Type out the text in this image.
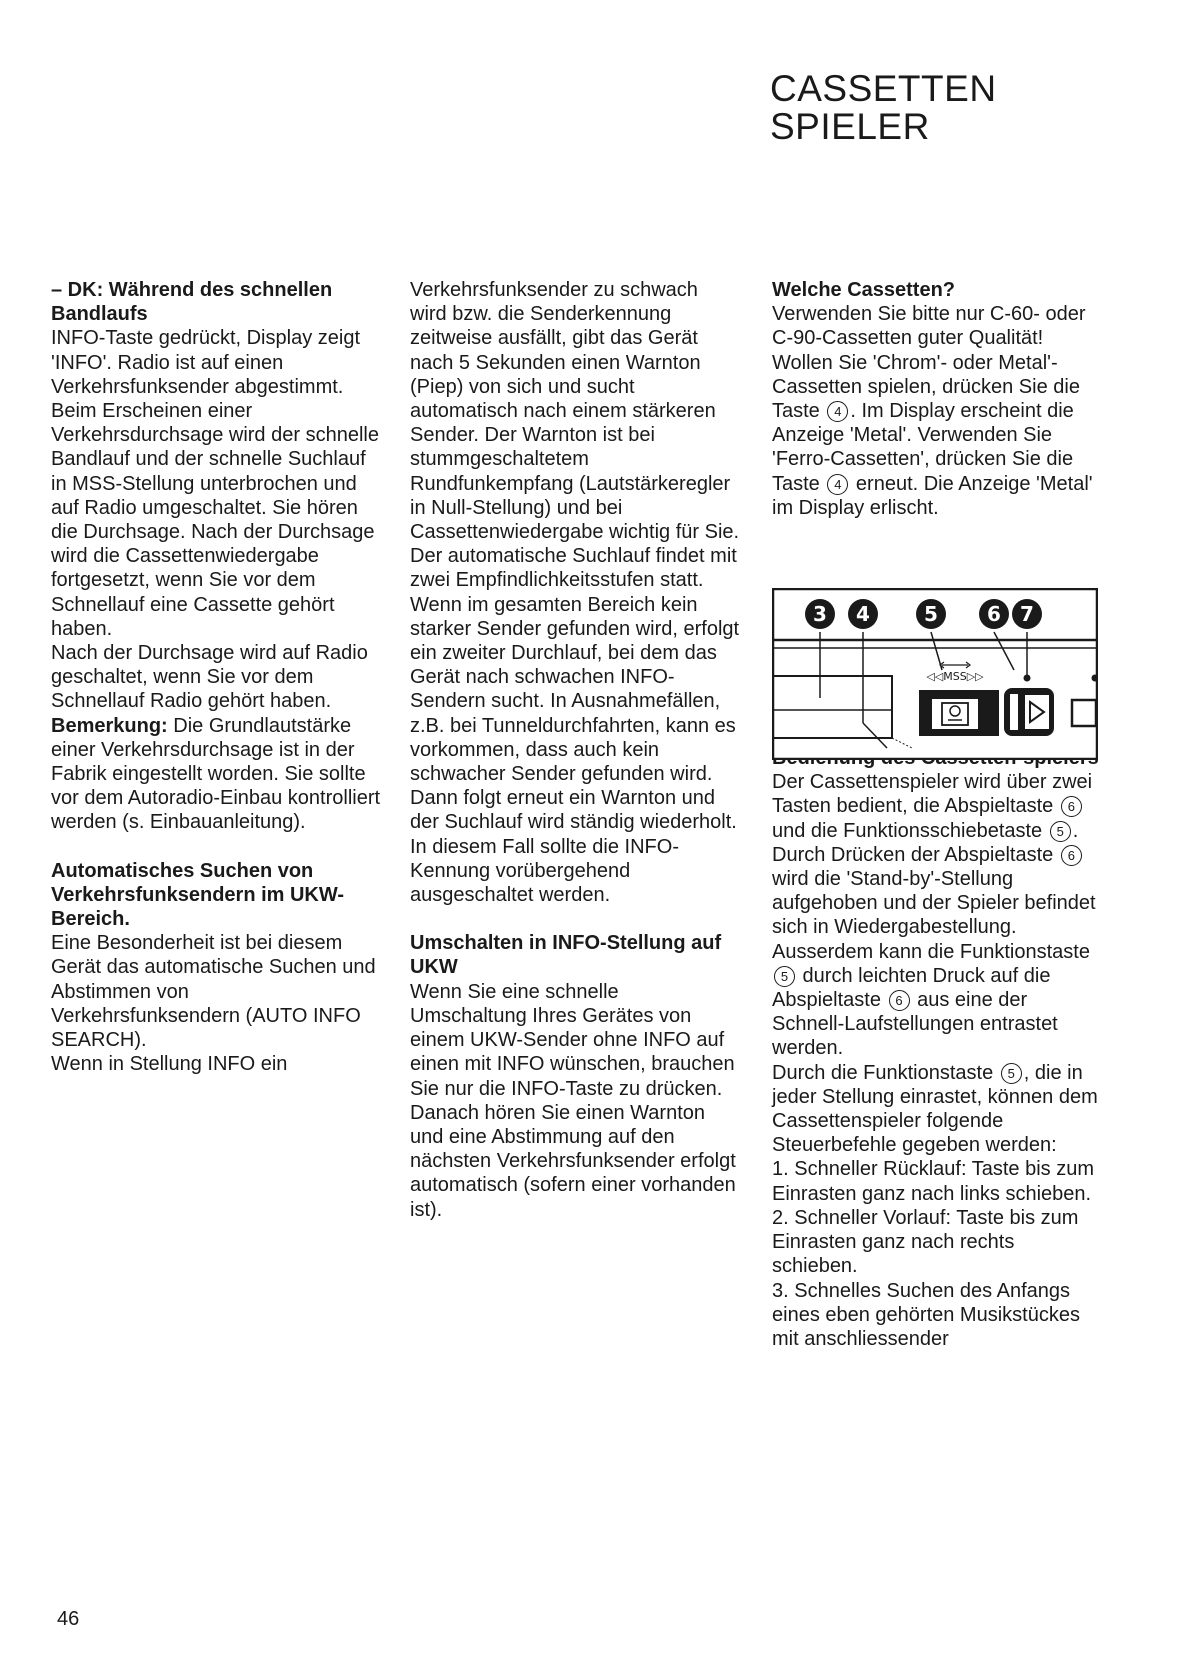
CASSETTEN
SPIELER

– DK: Während des schnellen Bandlaufs

INFO-Taste gedrückt, Display zeigt 'INFO'. Radio ist auf einen Verkehrsfunksender abgestimmt. Beim Erscheinen einer Verkehrsdurchsage wird der schnelle Bandlauf und der schnelle Suchlauf in MSS-Stellung unterbrochen und auf Radio umgeschaltet. Sie hören die Durchsage. Nach der Durchsage wird die Cassettenwiedergabe fortgesetzt, wenn Sie vor dem Schnellauf eine Cassette gehört haben.

Nach der Durchsage wird auf Radio geschaltet, wenn Sie vor dem Schnellauf Radio gehört haben.

Bemerkung: Die Grundlautstärke einer Verkehrsdurchsage ist in der Fabrik eingestellt worden. Sie sollte vor dem Autoradio-Einbau kontrolliert werden (s. Einbauanleitung).

Automatisches Suchen von Verkehrsfunksendern im UKW-Bereich.

Eine Besonderheit ist bei diesem Gerät das automatische Suchen und Abstimmen von Verkehrsfunksendern (AUTO INFO SEARCH).

Wenn in Stellung INFO ein

Verkehrsfunksender zu schwach wird bzw. die Senderkennung zeitweise ausfällt, gibt das Gerät nach 5 Sekunden einen Warnton (Piep) von sich und sucht automatisch nach einem stärkeren Sender. Der Warnton ist bei stummgeschaltetem Rundfunkempfang (Lautstärkeregler in Null-Stellung) und bei Cassettenwiedergabe wichtig für Sie.

Der automatische Suchlauf findet mit zwei Empfindlichkeitsstufen statt. Wenn im gesamten Bereich kein starker Sender gefunden wird, erfolgt ein zweiter Durchlauf, bei dem das Gerät nach schwachen INFO-Sendern sucht. In Ausnahmefällen, z.B. bei Tunneldurchfahrten, kann es vorkommen, dass auch kein schwacher Sender gefunden wird. Dann folgt erneut ein Warnton und der Suchlauf wird ständig wiederholt. In diesem Fall sollte die INFO-Kennung vorübergehend ausgeschaltet werden.

Umschalten in INFO-Stellung auf UKW

Wenn Sie eine schnelle Umschaltung Ihres Gerätes von einem UKW-Sender ohne INFO auf einen mit INFO wünschen, brauchen Sie nur die INFO-Taste zu drücken. Danach hören Sie einen Warnton und eine Abstimmung auf den nächsten Verkehrsfunksender erfolgt automatisch (sofern einer vorhanden ist).

Welche Cassetten?

Verwenden Sie bitte nur C-60- oder C-90-Cassetten guter Qualität! Wollen Sie 'Chrom'- oder Metal'-Cassetten spielen, drücken Sie die Taste 4 . Im Display erscheint die Anzeige 'Metal'. Verwenden Sie 'Ferro-Cassetten', drücken Sie die Taste 4 erneut. Die Anzeige 'Metal' im Display erlischt.

Der Cassettenspieler wird über zwei Tasten bedient, die Abspieltaste 6 und die Funktionsschiebetaste 5 .

Durch Drücken der Abspieltaste 6 wird die 'Stand-by'-Stellung aufgehoben und der Spieler befindet sich in Wiedergabestellung.

Ausserdem kann die Funktionstaste 5 durch leichten Druck auf die Abspieltaste 6 aus eine der Schnell-Laufstellungen entrastet werden.

Durch die Funktionstaste 5 , die in jeder Stellung einrastet, können dem Cassettenspieler folgende Steuerbefehle gegeben werden:

1. Schneller Rücklauf: Taste bis zum Einrasten ganz nach links schieben.

2. Schneller Vorlauf: Taste bis zum Einrasten ganz nach rechts schieben.

3. Schnelles Suchen des Anfangs eines eben gehörten Musikstückes mit anschliessender

◁◁MSS▷▷
3 4	5 6 7
46
